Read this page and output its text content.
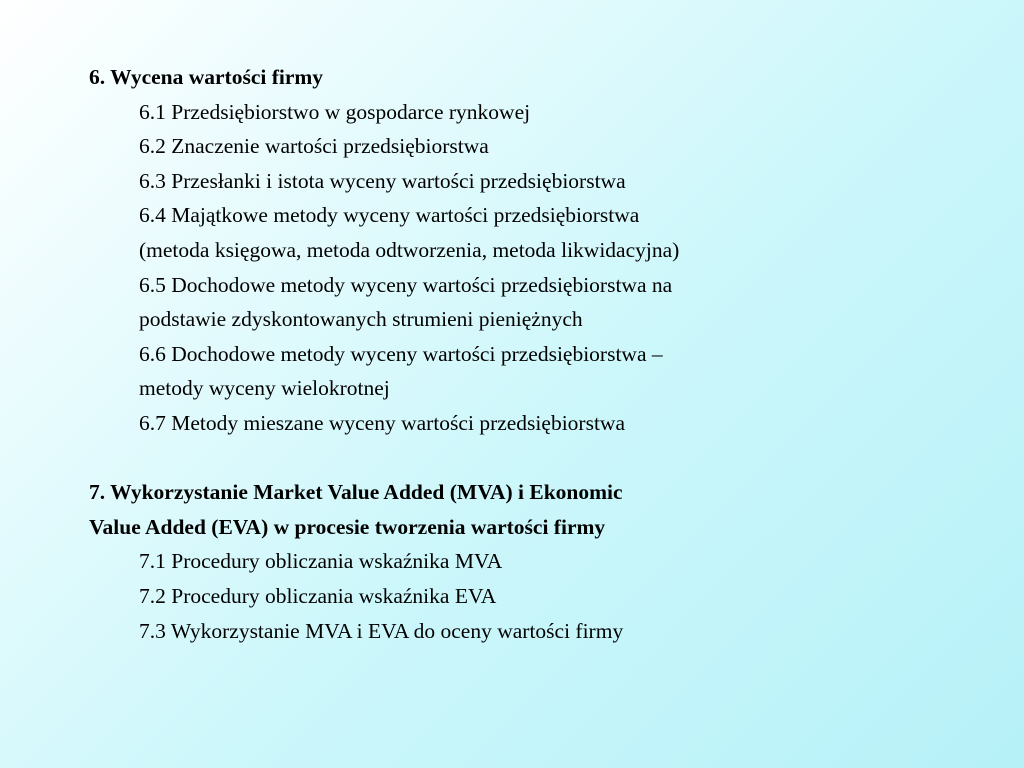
6. Wycena wartości firmy

6.1 Przedsiębiorstwo w gospodarce rynkowej

6.2 Znaczenie wartości przedsiębiorstwa

6.3 Przesłanki i istota wyceny wartości przedsiębiorstwa

6.4 Majątkowe metody wyceny wartości przedsiębiorstwa
(metoda księgowa, metoda odtworzenia, metoda likwidacyjna)

6.5 Dochodowe metody wyceny wartości przedsiębiorstwa na
podstawie zdyskontowanych strumieni pieniężnych

6.6 Dochodowe metody wyceny wartości przedsiębiorstwa –
metody wyceny wielokrotnej

6.7 Metody mieszane wyceny wartości przedsiębiorstwa

7. Wykorzystanie Market Value Added (MVA) i Ekonomic
Value Added (EVA) w procesie tworzenia wartości firmy

7.1 Procedury obliczania wskaźnika MVA

7.2 Procedury obliczania wskaźnika EVA

7.3 Wykorzystanie MVA i EVA do oceny wartości firmy
